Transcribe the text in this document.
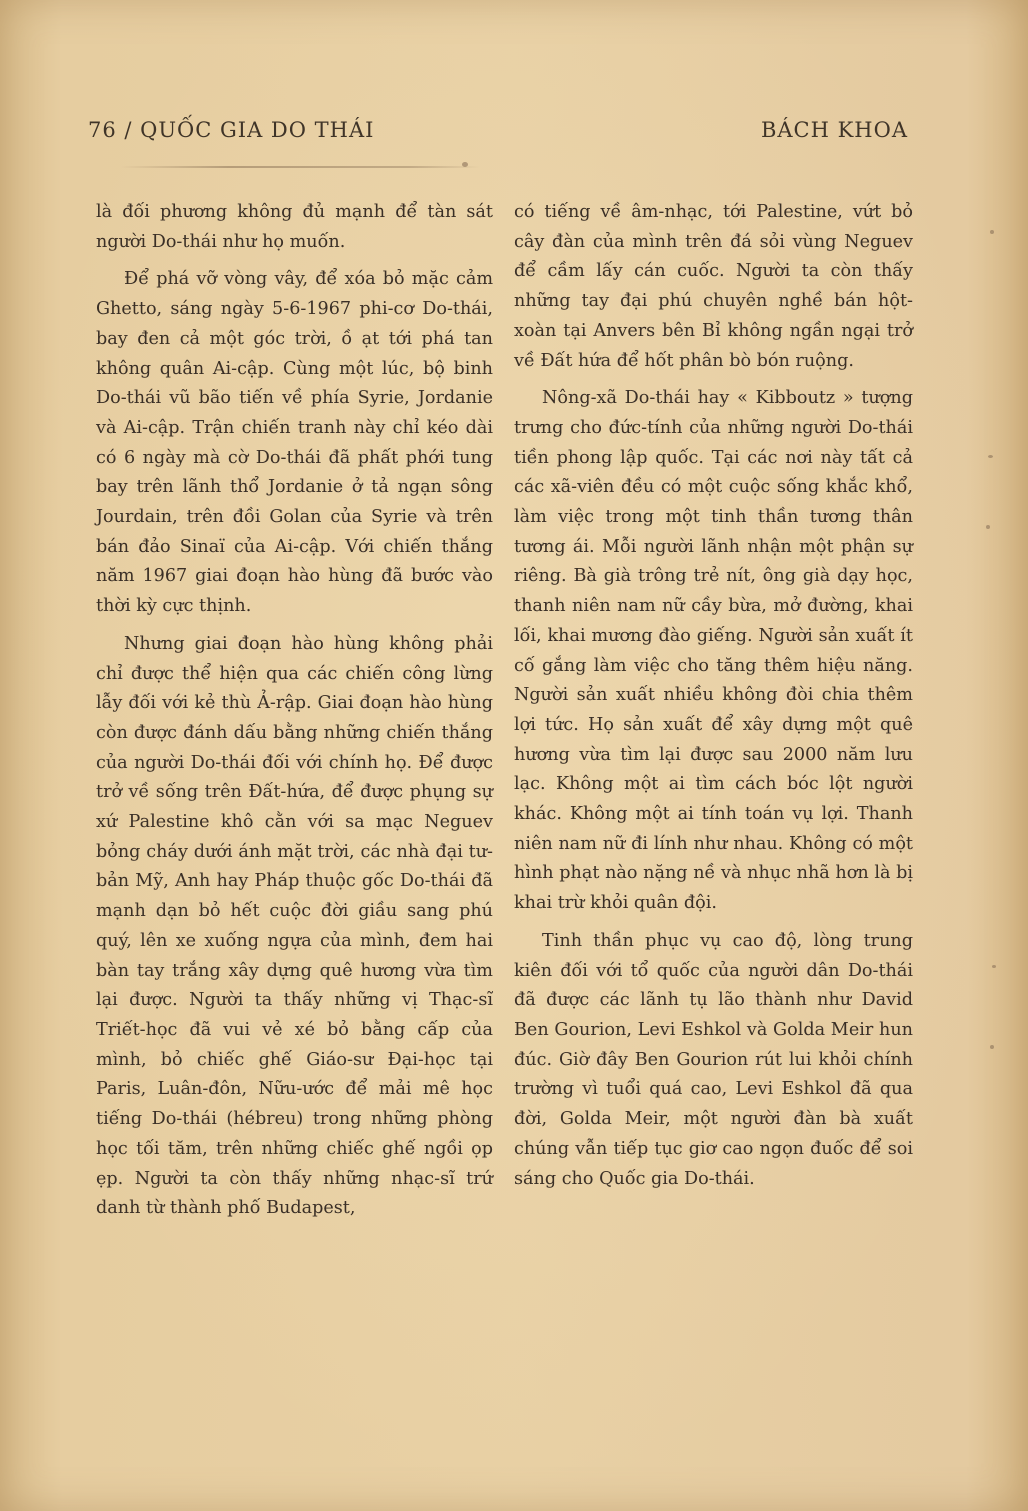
76 / QUỐC GIA DO THÁI	BÁCH KHOA

là đối phương không đủ mạnh để tàn sát người Do-thái như họ muốn.

Để phá vỡ vòng vây, để xóa bỏ mặc cảm Ghetto, sáng ngày 5-6-1967 phi-cơ Do-thái, bay đen cả một góc trời, ồ ạt tới phá tan không quân Ai-cập. Cùng một lúc, bộ binh Do-thái vũ bão tiến về phía Syrie, Jordanie và Ai-cập. Trận chiến tranh này chỉ kéo dài có 6 ngày mà cờ Do-thái đã phất phới tung bay trên lãnh thổ Jordanie ở tả ngạn sông Jourdain, trên đồi Golan của Syrie và trên bán đảo Sinaï của Ai-cập. Với chiến thắng năm 1967 giai đoạn hào hùng đã bước vào thời kỳ cực thịnh.

Nhưng giai đoạn hào hùng không phải chỉ được thể hiện qua các chiến công lừng lẫy đối với kẻ thù Ả-rập. Giai đoạn hào hùng còn được đánh dấu bằng những chiến thắng của người Do-thái đối với chính họ. Để được trở về sống trên Đất-hứa, để được phụng sự xứ Palestine khô cằn với sa mạc Neguev bỏng cháy dưới ánh mặt trời, các nhà đại tư-bản Mỹ, Anh hay Pháp thuộc gốc Do-thái đã mạnh dạn bỏ hết cuộc đời giầu sang phú quý, lên xe xuống ngựa của mình, đem hai bàn tay trắng xây dựng quê hương vừa tìm lại được. Người ta thấy những vị Thạc-sĩ Triết-học đã vui vẻ xé bỏ bằng cấp của mình, bỏ chiếc ghế Giáo-sư Đại-học tại Paris, Luân-đôn, Nữu-ước để mải mê học tiếng Do-thái (hébreu) trong những phòng học tối tăm, trên những chiếc ghế ngồi ọp ẹp. Người ta còn thấy những nhạc-sĩ trứ danh từ thành phố Budapest,

có tiếng về âm-nhạc, tới Palestine, vứt bỏ cây đàn của mình trên đá sỏi vùng Neguev để cầm lấy cán cuốc. Người ta còn thấy những tay đại phú chuyên nghề bán hột-xoàn tại Anvers bên Bỉ không ngần ngại trở về Đất hứa để hốt phân bò bón ruộng.

Nông-xã Do-thái hay « Kibboutz » tượng trưng cho đức-tính của những người Do-thái tiền phong lập quốc. Tại các nơi này tất cả các xã-viên đều có một cuộc sống khắc khổ, làm việc trong một tinh thần tương thân tương ái. Mỗi người lãnh nhận một phận sự riêng. Bà già trông trẻ nít, ông già dạy học, thanh niên nam nữ cầy bừa, mở đường, khai lối, khai mương đào giếng. Người sản xuất ít cố gắng làm việc cho tăng thêm hiệu năng. Người sản xuất nhiều không đòi chia thêm lợi tức. Họ sản xuất để xây dựng một quê hương vừa tìm lại được sau 2000 năm lưu lạc. Không một ai tìm cách bóc lột người khác. Không một ai tính toán vụ lợi. Thanh niên nam nữ đi lính như nhau. Không có một hình phạt nào nặng nề và nhục nhã hơn là bị khai trừ khỏi quân đội.

Tinh thần phục vụ cao độ, lòng trung kiên đối với tổ quốc của người dân Do-thái đã được các lãnh tụ lão thành như David Ben Gourion, Levi Eshkol và Golda Meir hun đúc. Giờ đây Ben Gourion rút lui khỏi chính trường vì tuổi quá cao, Levi Eshkol đã qua đời, Golda Meir, một người đàn bà xuất chúng vẫn tiếp tục giơ cao ngọn đuốc để soi sáng cho Quốc gia Do-thái.
